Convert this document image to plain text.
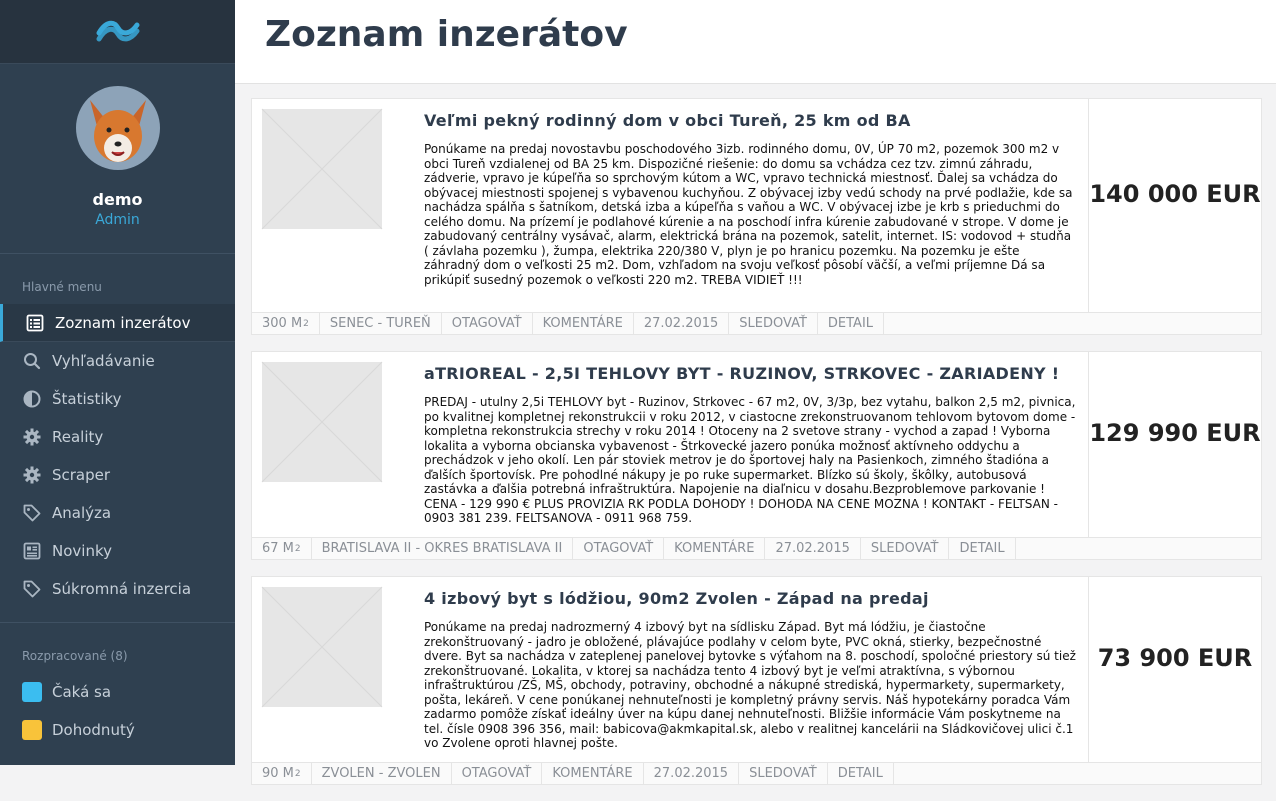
demo
Admin
Hlavné menu
Zoznam inzerátov
Vyhľadávanie
Štatistiky
Reality
Scraper
Analýza
Novinky
Súkromná inzercia
Rozpracované (8)
Čaká sa
Dohodnutý
Zoznam inzerátov
Veľmi pekný rodinný dom v obci Tureň, 25 km od BA
Ponúkame na predaj novostavbu poschodového 3izb. rodinného domu, 0V, ÚP 70 m2, pozemok 300 m2 v obci Tureň vzdialenej od BA 25 km. Dispozičné riešenie: do domu sa vchádza cez tzv. zimnú záhradu, zádverie, vpravo je kúpeľňa so sprchovým kútom a WC, vpravo technická miestnosť. Ďalej sa vchádza do obývacej miestnosti spojenej s vybavenou kuchyňou. Z obývacej izby vedú schody na prvé podlažie, kde sa nachádza spálňa s šatníkom, detská izba a kúpeľňa s vaňou a WC. V obývacej izbe je krb s prieduchmi do celého domu. Na prízemí je podlahové kúrenie a na poschodí infra kúrenie zabudované v strope. V dome je zabudovaný centrálny vysávač, alarm, elektrická brána na pozemok, satelit, internet. IS: vodovod + studňa ( závlaha pozemku ), žumpa, elektrika 220/380 V, plyn je po hranicu pozemku. Na pozemku je ešte záhradný dom o veľkosti 25 m2. Dom, vzhľadom na svoju veľkosť pôsobí väčší, a veľmi príjemne Dá sa prikúpiť susedný pozemok o veľkosti 220 m2. TREBA VIDIEŤ !!!
140 000 EUR
300 M 2	SENEC - TUREŇ	OTAGOVAŤ	KOMENTÁRE	27.02.2015	SLEDOVAŤ	DETAIL
aTRIOREAL - 2,5I TEHLOVY BYT - RUZINOV, STRKOVEC - ZARIADENY !
PREDAJ - utulny 2,5i TEHLOVY byt - Ruzinov, Strkovec - 67 m2, 0V, 3/3p, bez vytahu, balkon 2,5 m2, pivnica, po kvalitnej kompletnej rekonstrukcii v roku 2012, v ciastocne zrekonstruovanom tehlovom bytovom dome - kompletna rekonstrukcia strechy v roku 2014 ! Otoceny na 2 svetove strany - vychod a zapad ! Vyborna lokalita a vyborna obcianska vybavenost - Štrkovecké jazero ponúka možnosť aktívneho oddychu a prechádzok v jeho okolí. Len pár stoviek metrov je do športovej haly na Pasienkoch, zimného štadióna a ďalších športovísk. Pre pohodlné nákupy je po ruke supermarket. Blízko sú školy, škôlky, autobusová zastávka a ďalšia potrebná infraštruktúra. Napojenie na diaľnicu v dosahu.Bezproblemove parkovanie ! CENA - 129 990 € PLUS PROVIZIA RK PODLA DOHODY ! DOHODA NA CENE MOZNA ! KONTAKT - FELTSAN - 0903 381 239. FELTSANOVA - 0911 968 759.
129 990 EUR
67 M 2	BRATISLAVA II - OKRES BRATISLAVA II	OTAGOVAŤ	KOMENTÁRE	27.02.2015	SLEDOVAŤ	DETAIL
4 izbový byt s lódžiou, 90m2 Zvolen - Západ na predaj
Ponúkame na predaj nadrozmerný 4 izbový byt na sídlisku Západ. Byt má lódžiu, je čiastočne zrekonštruovaný - jadro je obložené, plávajúce podlahy v celom byte, PVC okná, stierky, bezpečnostné dvere. Byt sa nachádza v zateplenej panelovej bytovke s výťahom na 8. poschodí, spoločné priestory sú tiež zrekonštruované. Lokalita, v ktorej sa nachádza tento 4 izbový byt je veľmi atraktívna, s výbornou infraštruktúrou /ZŠ, MŠ, obchody, potraviny, obchodné a nákupné strediská, hypermarkety, supermarkety, pošta, lekáreň. V cene ponúkanej nehnuteľnosti je kompletný právny servis. Náš hypotekárny poradca Vám zadarmo pomôže získať ideálny úver na kúpu danej nehnuteľnosti. Bližšie informácie Vám poskytneme na tel. čísle 0908 396 356, mail: babicova@akmkapital.sk, alebo v realitnej kancelárii na Sládkovičovej ulici č.1 vo Zvolene oproti hlavnej pošte.
73 900 EUR
90 M 2	ZVOLEN - ZVOLEN	OTAGOVAŤ	KOMENTÁRE	27.02.2015	SLEDOVAŤ	DETAIL
